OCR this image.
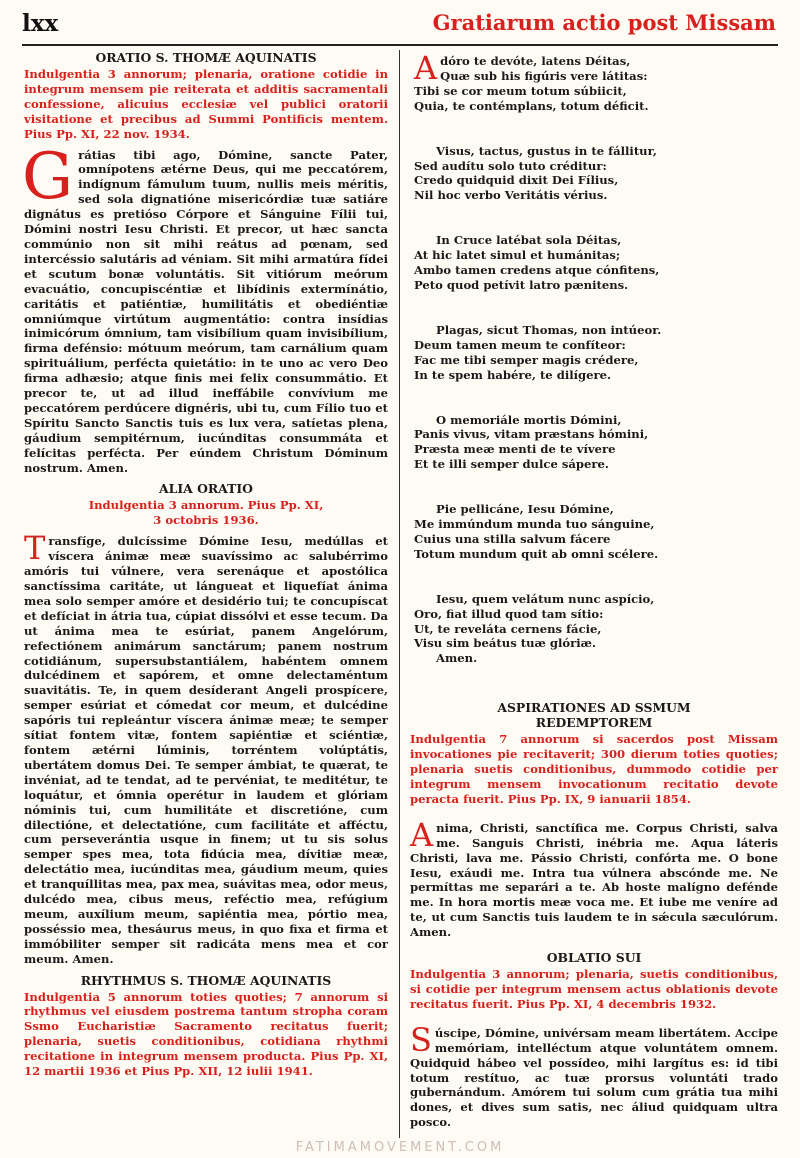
lxx	Gratiarum actio post Missam
ORATIO S. THOMÆ AQUINATIS

Indulgentia 3 annorum; plenaria, oratione cotidie in integrum mensem pie reiterata et additis sacramentali confessione, alicuius ecclesiæ vel publici oratorii visitatione et precibus ad Summi Pontificis mentem. Pius Pp. XI, 22 nov. 1934.

Grátias tibi ago, Dómine, sancte Pater, omnípotens ætérne Deus, qui me peccatórem, indígnum fámulum tuum, nullis meis méritis, sed sola dignatióne misericórdiæ tuæ satiáre dignátus es pretióso Córpore et Sánguine Fílii tui, Dómini nostri Iesu Christi. Et precor, ut hæc sancta commúnio non sit mihi reátus ad pœnam, sed intercéssio salutáris ad véniam. Sit mihi armatúra fídei et scutum bonæ voluntátis. Sit vitiórum meórum evacuátio, concupiscéntiæ et libídinis extermínátio, caritátis et patiéntiæ, humilitátis et obediéntiæ omniúmque virtútum augmentátio: contra insídias inimicórum ómnium, tam visibílium quam invisibílium, firma defénsio: mótuum meórum, tam carnálium quam spirituálium, perfécta quietátio: in te uno ac vero Deo firma adhæsio; atque finis mei felix consummátio. Et precor te, ut ad illud ineffábile convívium me peccatórem perdúcere dignéris, ubi tu, cum Fílio tuo et Spíritu Sancto Sanctis tuis es lux vera, satíetas plena, gáudium sempitérnum, iucúnditas consummáta et felícitas perfécta. Per eúndem Christum Dóminum nostrum. Amen.

ALIA ORATIO
Indulgentia 3 annorum. Pius Pp. XI,
3 octobris 1936.

Transfíge, dulcíssime Dómine Iesu, medúllas et víscera ánimæ meæ suavíssimo ac salubérrimo amóris tui vúlnere, vera serenáque et apostólica sanctíssima caritáte, ut lángueat et liquefíat ánima mea solo semper amóre et desidério tui; te concupíscat et defíciat in átria tua, cúpiat dissólvi et esse tecum. Da ut ánima mea te esúriat, panem Angelórum, refectiónem animárum sanctárum; panem nostrum cotidiánum, supersubstantiálem, habéntem omnem dulcédinem et sapórem, et omne delectaméntum suavitátis. Te, in quem desíderant Angeli prospícere, semper esúriat et cómedat cor meum, et dulcédine sapóris tui repleántur víscera ánimæ meæ; te semper sítiat fontem vitæ, fontem sapiéntiæ et sciéntiæ, fontem ætérni lúminis, torréntem volúptátis, ubertátem domus Dei. Te semper ámbiat, te quærat, te invéniat, ad te tendat, ad te pervéniat, te meditétur, te loquátur, et ómnia operétur in laudem et glóriam nóminis tui, cum humilitáte et discretióne, cum dilectióne, et delectatióne, cum facilitáte et afféctu, cum perseverántia usque in finem; ut tu sis solus semper spes mea, tota fidúcia mea, dívitiæ meæ, delectátio mea, iucúnditas mea, gáudium meum, quies et tranquíllitas mea, pax mea, suávitas mea, odor meus, dulcédo mea, cibus meus, reféctio mea, refúgium meum, auxílium meum, sapiéntia mea, pórtio mea, posséssio mea, thesáurus meus, in quo fixa et firma et immóbiliter semper sit radicáta mens mea et cor meum. Amen.

RHYTHMUS S. THOMÆ AQUINATIS

Indulgentia 5 annorum toties quoties; 7 annorum si rhythmus vel eiusdem postrema tantum stropha coram Ssmo Eucharistiæ Sacramento recitatus fuerit; plenaria, suetis conditionibus, cotidiana rhythmi recitatione in integrum mensem producta. Pius Pp. XI, 12 martii 1936 et Pius Pp. XII, 12 iulii 1941.

Adóro te devóte, latens Déitas,
Quæ sub his figúris vere látitas:
Tibi se cor meum totum súbiicit,
Quia, te contémplans, totum déficit.
Visus, tactus, gustus in te fállitur,
Sed audítu solo tuto créditur:
Credo quidquid dixit Dei Fílius,
Nil hoc verbo Veritátis vérius.
In Cruce latébat sola Déitas,
At hic latet simul et humánitas;
Ambo tamen credens atque cónfitens,
Peto quod petívit latro pænitens.
Plagas, sicut Thomas, non intúeor.
Deum tamen meum te confíteor:
Fac me tibi semper magis crédere,
In te spem habére, te dilígere.
O memoriále mortis Dómini,
Panis vivus, vitam præstans hómini,
Præsta meæ menti de te vívere
Et te illi semper dulce sápere.
Pie pellicáne, Iesu Dómine,
Me immúndum munda tuo sánguine,
Cuius una stilla salvum fácere
Totum mundum quit ab omni scélere.
Iesu, quem velátum nunc aspício,
Oro, fiat illud quod tam sítio:
Ut, te reveláta cernens fácie,
Visu sim beátus tuæ glóriæ.
Amen.
ASPIRATIONES AD SSMUM
REDEMPTOREM

Indulgentia 7 annorum si sacerdos post Missam invocationes pie recitaverit; 300 dierum toties quoties; plenaria suetis conditionibus, dummodo cotidie per integrum mensem invocationum recitatio devote peracta fuerit. Pius Pp. IX, 9 ianuarii 1854.

Anima, Christi, sanctífica me. Corpus Christi, salva me. Sanguis Christi, inébria me. Aqua láteris Christi, lava me. Pássio Christi, confórta me. O bone Iesu, exáudi me. Intra tua vúlnera abscónde me. Ne permíttas me separári a te. Ab hoste malígno defénde me. In hora mortis meæ voca me. Et iube me veníre ad te, ut cum Sanctis tuis laudem te in sǽcula sæculórum. Amen.

OBLATIO SUI

Indulgentia 3 annorum; plenaria, suetis conditionibus, si cotidie per integrum mensem actus oblationis devote recitatus fuerit. Pius Pp. XI, 4 decembris 1932.

Súscipe, Dómine, univérsam meam libertátem. Accipe memóriam, intelléctum atque voluntátem omnem. Quidquid hábeo vel possídeo, mihi largítus es: id tibi totum restítuo, ac tuæ prorsus voluntáti trado gubernándum. Amórem tui solum cum grátia tua mihi dones, et dives sum satis, nec áliud quidquam ultra posco.

FATIMAMOVEMENT.COM
